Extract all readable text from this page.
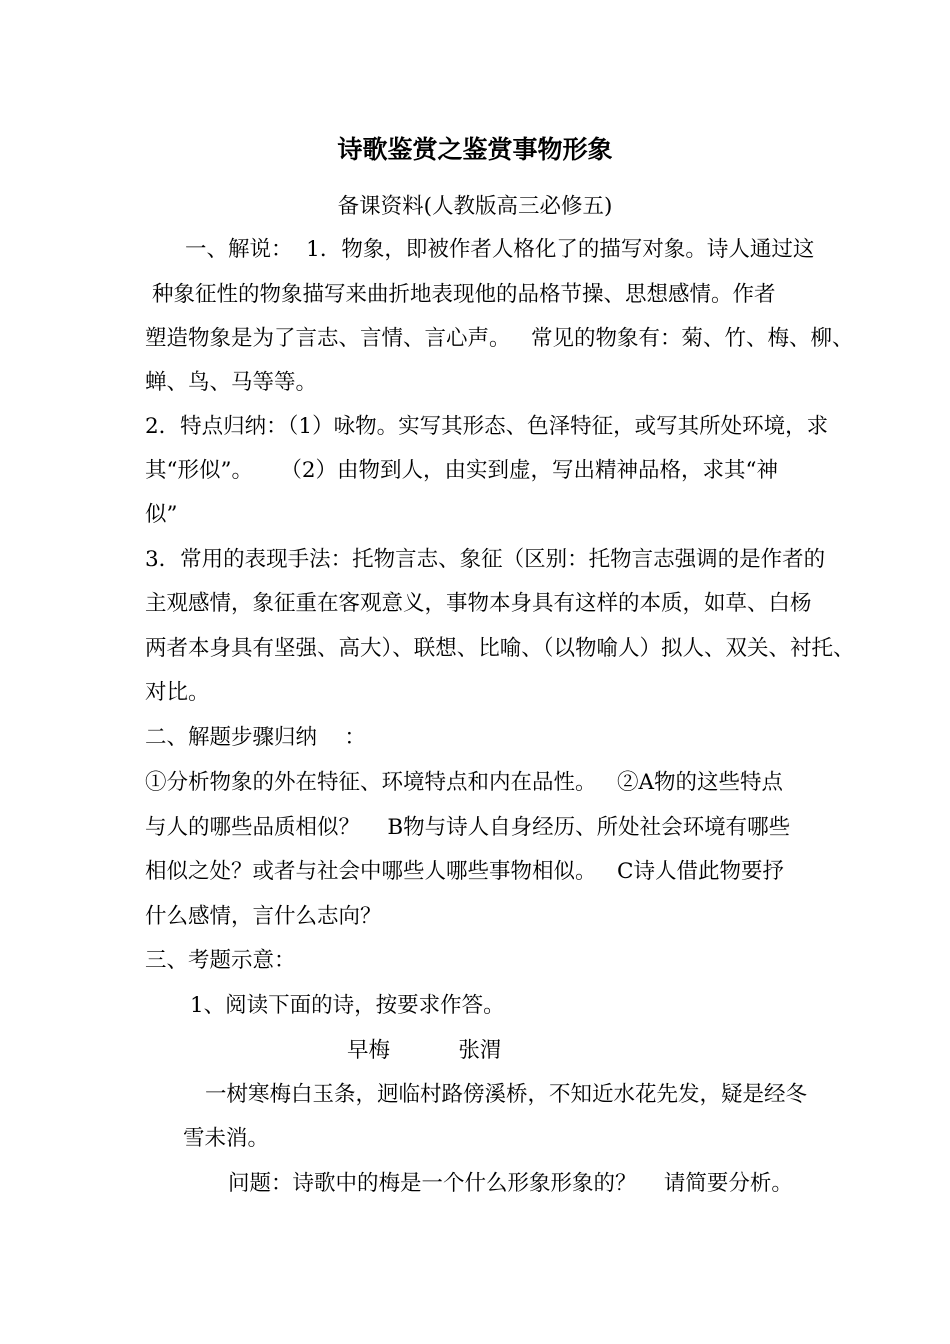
诗歌鉴赏之鉴赏事物形象
备课资料(人教版高三必修五)
一、解说：  1．物象，即被作者人格化了的描写对象。诗人通过这
种象征性的物象描写来曲折地表现他的品格节操、思想感情。作者
塑造物象是为了言志、言情、言心声。   常见的物象有：菊、竹、梅、柳、
蝉、鸟、马等等。
2．特点归纳：（1）咏物。实写其形态、色泽特征，或写其所处环境，求
其“形似”。    （2）由物到人，由实到虚，写出精神品格，求其“神
似”
3．常用的表现手法：托物言志、象征（区别：托物言志强调的是作者的
主观感情，象征重在客观意义，事物本身具有这样的本质，如草、白杨
两者本身具有坚强、高大）、联想、比喻、（以物喻人）拟人、双关、衬托、
对比。
二、解题步骤归纳    ：
①分析物象的外在特征、环境特点和内在品性。   ②A物的这些特点
与人的哪些品质相似？    B物与诗人自身经历、所处社会环境有哪些
相似之处？或者与社会中哪些人哪些事物相似。   C诗人借此物要抒
什么感情，言什么志向？
三、考题示意：
1、阅读下面的诗，按要求作答。
早梅          张渭
一树寒梅白玉条，迥临村路傍溪桥，不知近水花先发，疑是经冬
雪未消。
问题：诗歌中的梅是一个什么形象形象的？    请简要分析。
